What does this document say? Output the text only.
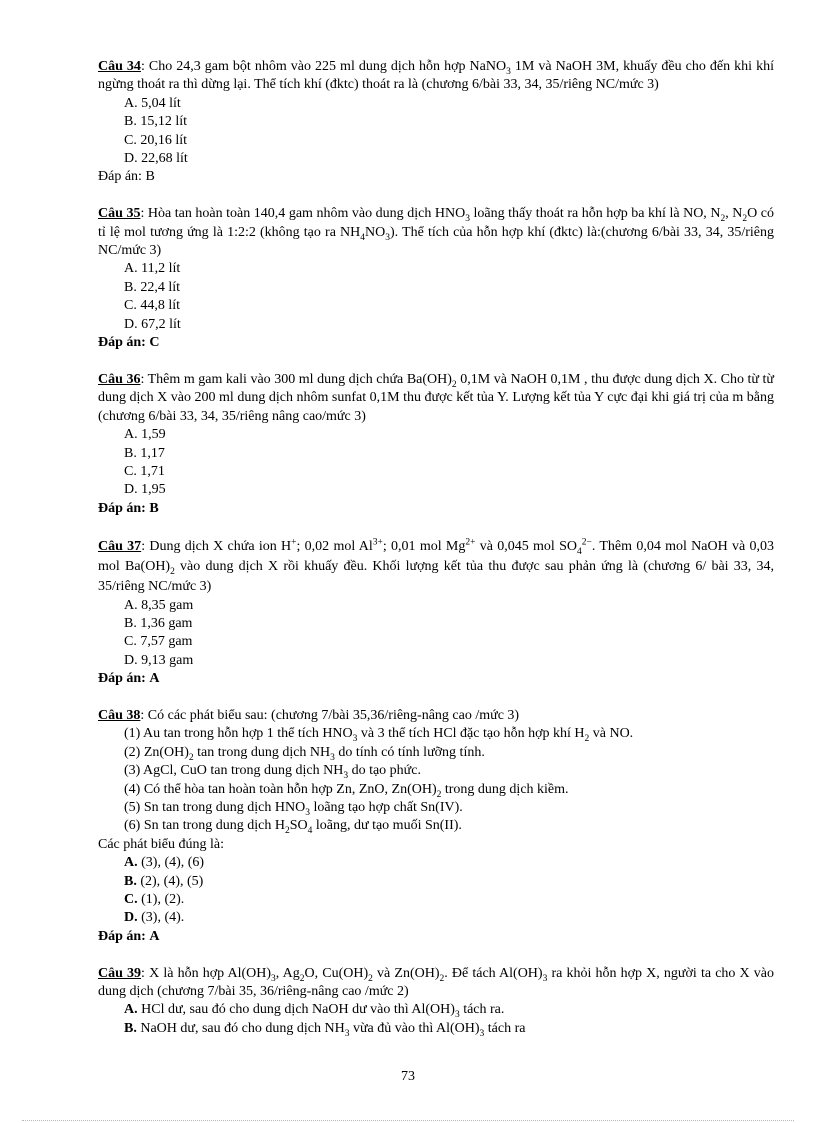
Câu 34: Cho 24,3 gam bột nhôm vào 225 ml dung dịch hỗn hợp NaNO$_3$ 1M và NaOH 3M, khuấy đều cho đến khi khí ngừng thoát ra thì dừng lại. Thể tích khí (đktc) thoát ra là (chương 6/bài 33, 34, 35/riêng NC/mức 3)

A. 5,04 lít
B. 15,12 lít
C. 20,16 lít
D. 22,68 lít

Đáp án: B

Câu 35: Hòa tan hoàn toàn 140,4 gam nhôm vào dung dịch $HNO_3$ loãng thấy thoát ra hỗn hợp ba khí là NO, $N_2$, $N_2O$ có tỉ lệ mol tương ứng là 1:2:2 (không tạo ra $NH_4NO_3$). Thể tích của hỗn hợp khí (đktc) là:(chương 6/bài 33, 34, 35/riêng NC/mức 3)

A. 11,2 lít
B. 22,4 lít
C. 44,8 lít
D. 67,2 lít

Đáp án: C

Câu 36: Thêm m gam kali vào 300 ml dung dịch chứa $Ba(OH)_2$ 0,1M và NaOH 0,1M , thu được dung dịch X. Cho từ từ dung dịch X vào 200 ml dung dịch nhôm sunfat 0,1M thu được kết tủa Y. Lượng kết tủa Y cực đại khi giá trị của m bằng (chương 6/bài 33, 34, 35/riêng nâng cao/mức 3)

A. 1,59
B. 1,17
C. 1,71
D. 1,95

Đáp án: B

Câu 37: Dung dịch X chứa ion H+; 0,02 mol $Al^{3+}$; 0,01 mol $Mg^{2+}$ và 0,045 mol $SO_4^{2-}$. Thêm 0,04 mol NaOH và 0,03 mol $Ba(OH)_2$ vào dung dịch X rồi khuấy đều. Khối lượng kết tủa thu được sau phản ứng là (chương 6/ bài 33, 34, 35/riêng NC/mức 3)

A. 8,35 gam
B. 1,36 gam
C. 7,57 gam
D. 9,13 gam

Đáp án: A

Câu 38: Có các phát biểu sau: (chương 7/bài 35,36/riêng-nâng cao /mức 3)

(1) Au tan trong hỗn hợp 1 thể tích $HNO_3$ và 3 thể tích HCl đặc tạo hỗn hợp khí $H_2$ và NO.
(2) $Zn(OH)_2$ tan trong dung dịch $NH_3$ do tính có tính lưỡng tính.
(3) AgCl, CuO tan trong dung dịch $NH_3$ do tạo phức.
(4) Có thể hòa tan hoàn toàn hỗn hợp Zn, ZnO, $Zn(OH)_2$ trong dung dịch kiềm.
(5) Sn tan trong dung dịch $HNO_3$ loãng tạo hợp chất Sn(IV).
(6) Sn tan trong dung dịch $H_2SO_4$ loãng, dư tạo muối Sn(II).

Các phát biểu đúng là:

A. (3), (4), (6)
B. (2), (4), (5)
C. (1), (2).
D. (3), (4).

Đáp án: A

Câu 39: X là hỗn hợp $Al(OH)_3$, $Ag_2O$, $Cu(OH)_2$ và $Zn(OH)_2$. Để tách $Al(OH)_3$ ra khỏi hỗn hợp X, người ta cho X vào dung dịch (chương 7/bài 35, 36/riêng-nâng cao /mức 2)

A. HCl dư, sau đó cho dung dịch NaOH dư vào thì $Al(OH)_3$ tách ra.
B. NaOH dư, sau đó cho dung dịch $NH_3$ vừa đủ vào thì $Al(OH)_3$ tách ra
73
